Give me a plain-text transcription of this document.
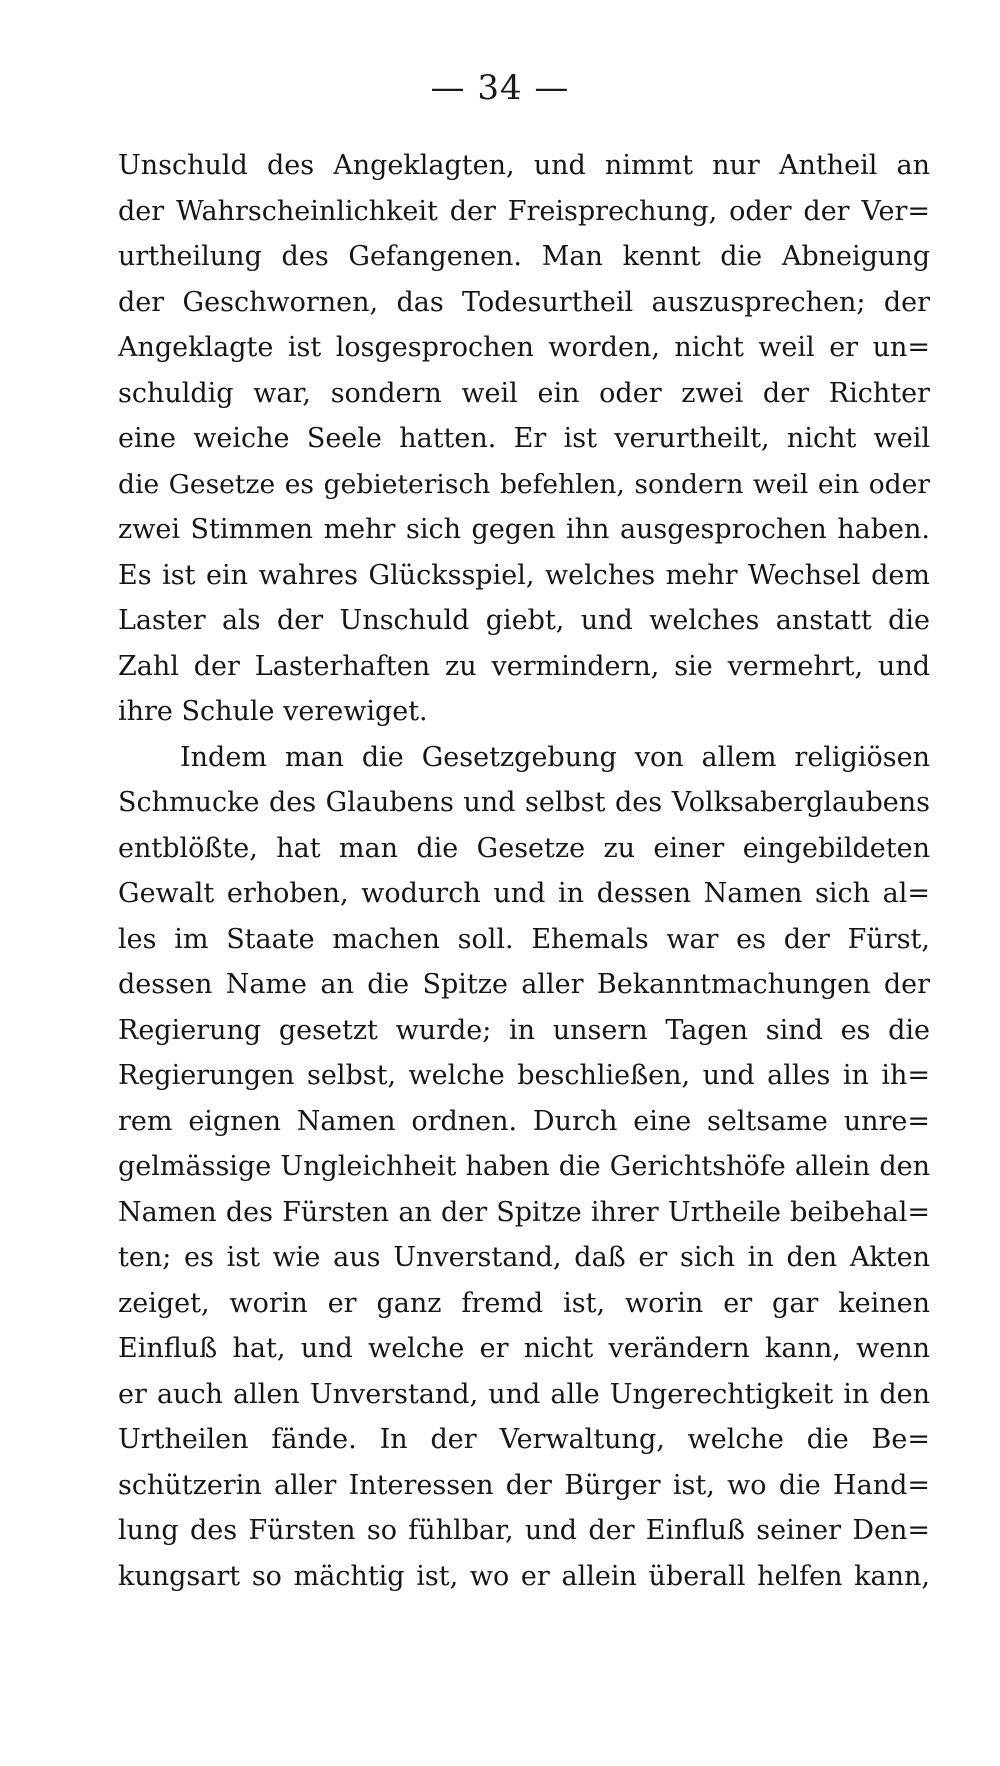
— 34 —
Unschuld des Angeklagten, und nimmt nur Antheil an
der Wahrscheinlichkeit der Freisprechung, oder der Ver=
urtheilung des Gefangenen. Man kennt die Abneigung
der Geschwornen, das Todesurtheil auszusprechen; der
Angeklagte ist losgesprochen worden, nicht weil er un=
schuldig war, sondern weil ein oder zwei der Richter
eine weiche Seele hatten. Er ist verurtheilt, nicht weil
die Gesetze es gebieterisch befehlen, sondern weil ein oder
zwei Stimmen mehr sich gegen ihn ausgesprochen haben.
Es ist ein wahres Glücksspiel, welches mehr Wechsel dem
Laster als der Unschuld giebt, und welches anstatt die
Zahl der Lasterhaften zu vermindern, sie vermehrt, und
ihre Schule verewiget.
Indem man die Gesetzgebung von allem religiösen
Schmucke des Glaubens und selbst des Volksaberglaubens
entblößte, hat man die Gesetze zu einer eingebildeten
Gewalt erhoben, wodurch und in dessen Namen sich al=
les im Staate machen soll. Ehemals war es der Fürst,
dessen Name an die Spitze aller Bekanntmachungen der
Regierung gesetzt wurde; in unsern Tagen sind es die
Regierungen selbst, welche beschließen, und alles in ih=
rem eignen Namen ordnen. Durch eine seltsame unre=
gelmässige Ungleichheit haben die Gerichtshöfe allein den
Namen des Fürsten an der Spitze ihrer Urtheile beibehal=
ten; es ist wie aus Unverstand, daß er sich in den Akten
zeiget, worin er ganz fremd ist, worin er gar keinen
Einfluß hat, und welche er nicht verändern kann, wenn
er auch allen Unverstand, und alle Ungerechtigkeit in den
Urtheilen fände. In der Verwaltung, welche die Be=
schützerin aller Interessen der Bürger ist, wo die Hand=
lung des Fürsten so fühlbar, und der Einfluß seiner Den=
kungsart so mächtig ist, wo er allein überall helfen kann,
